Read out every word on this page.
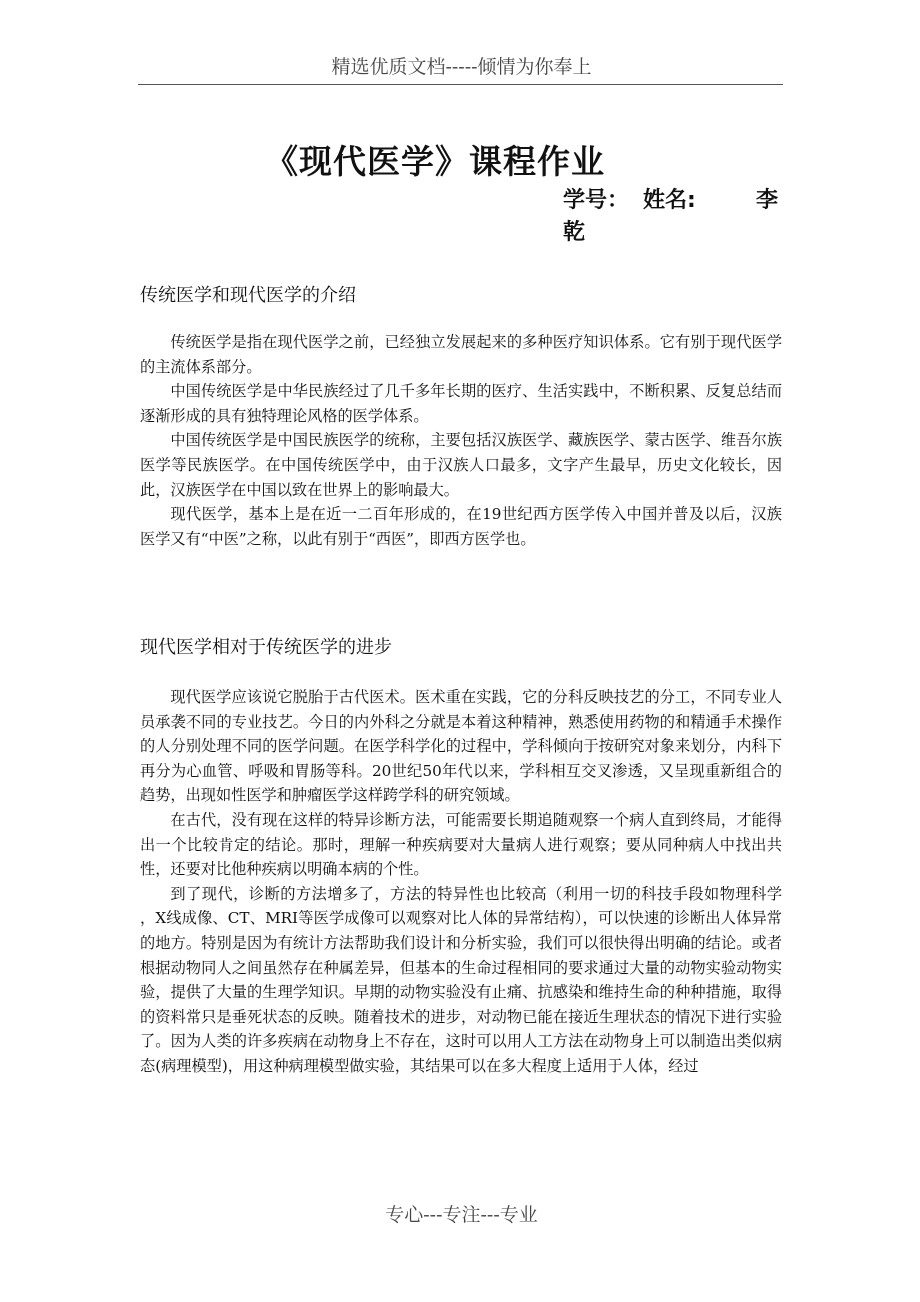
精选优质文档-----倾情为你奉上
《现代医学》课程作业
学号： 姓名:	李
乾
传统医学和现代医学的介绍

传统医学是指在现代医学之前，已经独立发展起来的多种医疗知识体系。它有别于现代医学的主流体系部分。

中国传统医学是中华民族经过了几千多年长期的医疗、生活实践中，不断积累、反复总结而逐渐形成的具有独特理论风格的医学体系。

中国传统医学是中国民族医学的统称，主要包括汉族医学、藏族医学、蒙古医学、维吾尔族医学等民族医学。在中国传统医学中，由于汉族人口最多，文字产生最早，历史文化较长，因此，汉族医学在中国以致在世界上的影响最大。

现代医学，基本上是在近一二百年形成的，在19世纪西方医学传入中国并普及以后，汉族医学又有“中医”之称，以此有别于“西医”，即西方医学也。

现代医学相对于传统医学的进步

现代医学应该说它脱胎于古代医术。医术重在实践，它的分科反映技艺的分工，不同专业人员承袭不同的专业技艺。今日的内外科之分就是本着这种精神，熟悉使用药物的和精通手术操作的人分别处理不同的医学问题。在医学科学化的过程中，学科倾向于按研究对象来划分，内科下再分为心血管、呼吸和胃肠等科。20世纪50年代以来，学科相互交叉渗透，又呈现重新组合的趋势，出现如性医学和肿瘤医学这样跨学科的研究领域。

在古代，没有现在这样的特异诊断方法，可能需要长期追随观察一个病人直到终局，才能得出一个比较肯定的结论。那时，理解一种疾病要对大量病人进行观察；要从同种病人中找出共性，还要对比他种疾病以明确本病的个性。

到了现代，诊断的方法增多了，方法的特异性也比较高（利用一切的科技手段如物理科学 ，X线成像、CT、MRI等医学成像可以观察对比人体的异常结构），可以快速的诊断出人体异常的地方。特别是因为有统计方法帮助我们设计和分析实验，我们可以很快得出明确的结论。或者根据动物同人之间虽然存在种属差异，但基本的生命过程相同的要求通过大量的动物实验动物实验，提供了大量的生理学知识。早期的动物实验没有止痛、抗感染和维持生命的种种措施，取得的资料常只是垂死状态的反映。随着技术的进步，对动物已能在接近生理状态的情况下进行实验了。因为人类的许多疾病在动物身上不存在，这时可以用人工方法在动物身上可以制造出类似病态(病理模型)，用这种病理模型做实验，其结果可以在多大程度上适用于人体，经过

专心---专注---专业
